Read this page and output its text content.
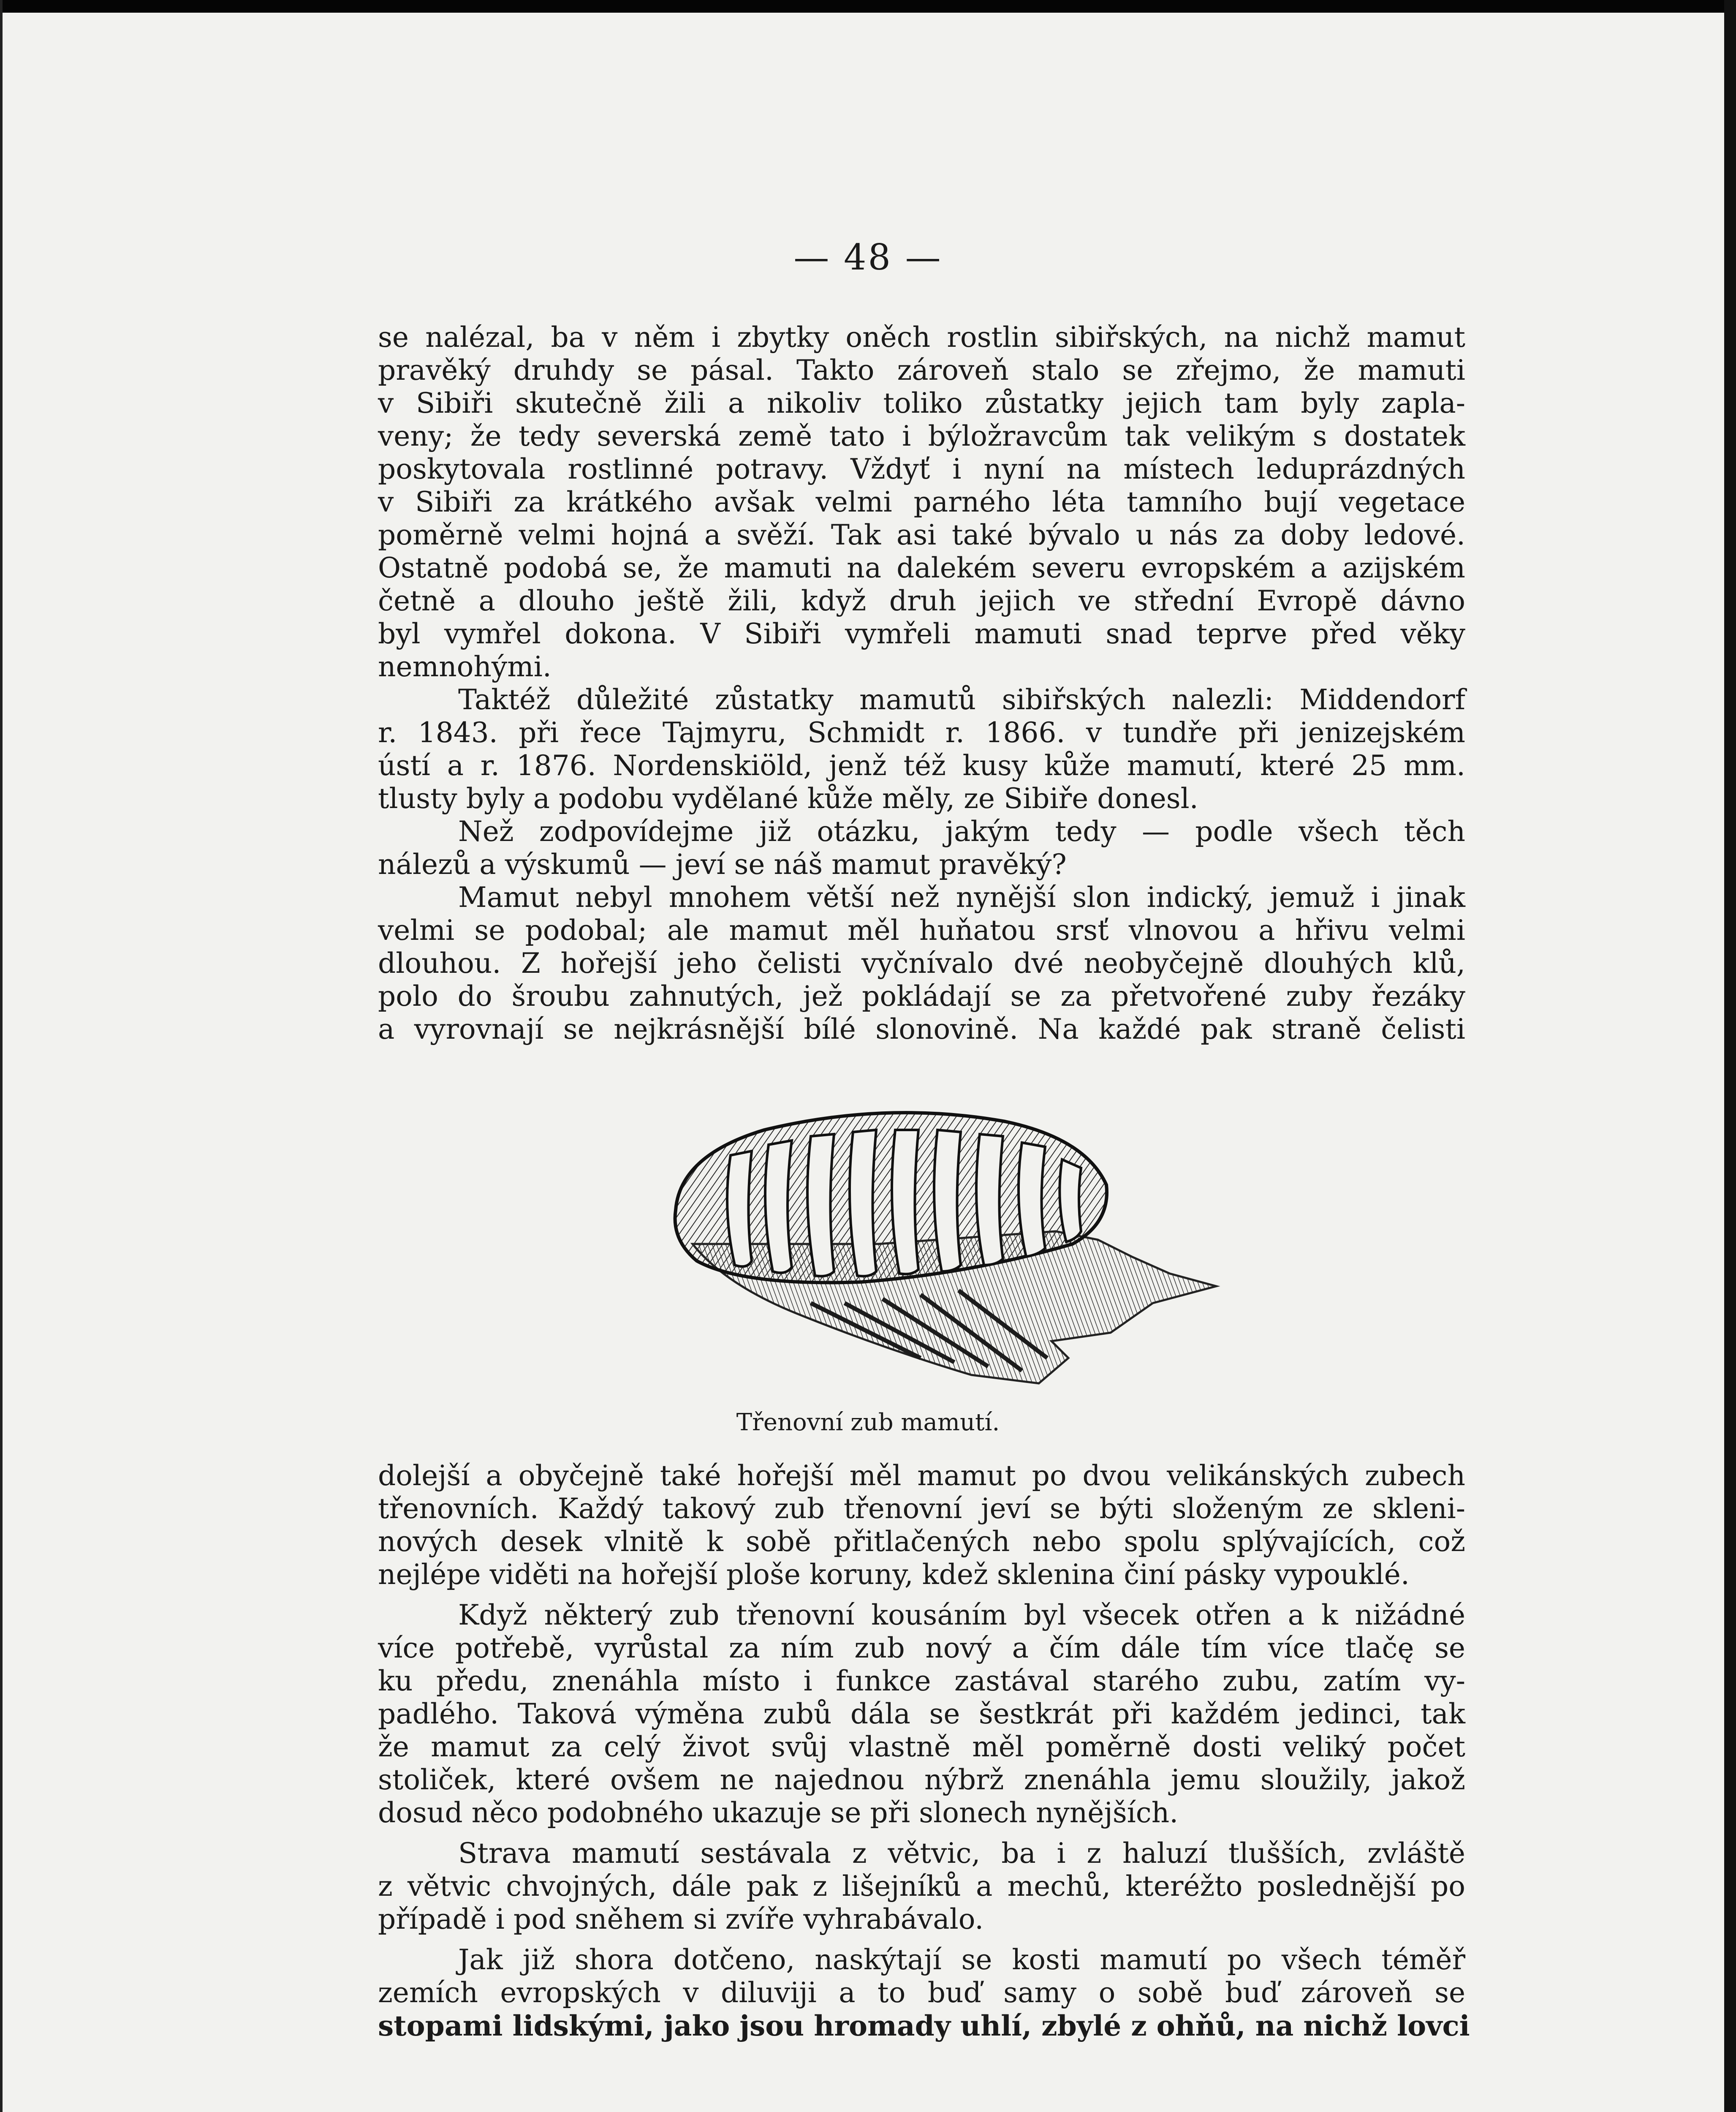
— 48 —
se nalézal, ba v něm i zbytky oněch rostlin sibiřských, na nichž mamut
pravěký druhdy se pásal. Takto zároveň stalo se zřejmo, že mamuti
v Sibiři skutečně žili a nikoliv toliko zůstatky jejich tam byly zapla-
veny; že tedy severská země tato i býložravcům tak velikým s dostatek
poskytovala rostlinné potravy. Vždyť i nyní na místech leduprázdných
v Sibiři za krátkého avšak velmi parného léta tamního bují vegetace
poměrně velmi hojná a svěží. Tak asi také bývalo u nás za doby ledové.
Ostatně podobá se, že mamuti na dalekém severu evropském a azijském
četně a dlouho ještě žili, když druh jejich ve střední Evropě dávno
byl vymřel dokona. V Sibiři vymřeli mamuti snad teprve před věky
nemnohými.
Taktéž důležité zůstatky mamutů sibiřských nalezli: Middendorf
r. 1843. při řece Tajmyru, Schmidt r. 1866. v tundře při jenizejském
ústí a r. 1876. Nordenskiöld, jenž též kusy kůže mamutí, které 25 mm.
tlusty byly a podobu vydělané kůže měly, ze Sibiře donesl.
Než zodpovídejme již otázku, jakým tedy — podle všech těch
nálezů a výskumů — jeví se náš mamut pravěký?
Mamut nebyl mnohem větší než nynější slon indický, jemuž i jinak
velmi se podobal; ale mamut měl huňatou srsť vlnovou a hřivu velmi
dlouhou. Z hořejší jeho čelisti vyčnívalo dvé neobyčejně dlouhých klů,
polo do šroubu zahnutých, jež pokládají se za přetvořené zuby řezáky
a vyrovnají se nejkrásnější bílé slonovině. Na každé pak straně čelisti
Třenovní zub mamutí.
dolejší a obyčejně také hořejší měl mamut po dvou velikánských zubech
třenovních. Každý takový zub třenovní jeví se býti složeným ze skleni-
nových desek vlnitě k sobě přitlačených nebo spolu splývajících, což
nejlépe viděti na hořejší ploše koruny, kdež sklenina činí pásky vypouklé.
Když některý zub třenovní kousáním byl všecek otřen a k nižádné
více potřebě, vyrůstal za ním zub nový a čím dále tím více tlačę se
ku předu, znenáhla místo i funkce zastával starého zubu, zatím vy-
padlého. Taková výměna zubů dála se šestkrát při každém jedinci, tak
že mamut za celý život svůj vlastně měl poměrně dosti veliký počet
stoliček, které ovšem ne najednou nýbrž znenáhla jemu sloužily, jakož
dosud něco podobného ukazuje se při slonech nynějších.
Strava mamutí sestávala z větvic, ba i z haluzí tlušších, zvláště
z větvic chvojných, dále pak z lišejníků a mechů, kteréžto poslednější po
případě i pod sněhem si zvíře vyhrabávalo.
Jak již shora dotčeno, naskýtají se kosti mamutí po všech téměř
zemích evropských v diluviji a to buď samy o sobě buď zároveň se
stopami lidskými, jako jsou hromady uhlí, zbylé z ohňů, na nichž lovci
